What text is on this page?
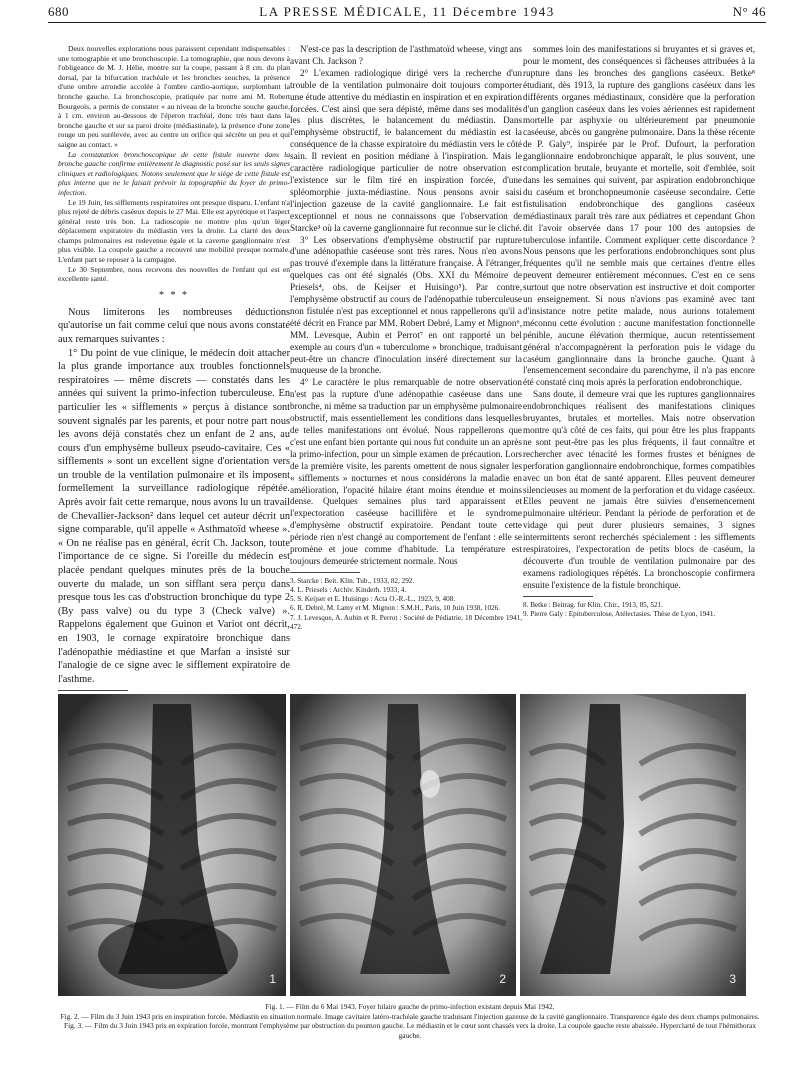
680	LA PRESSE MÉDICALE, 11 Décembre 1943	N° 46

Deux nouvelles explorations nous paraissent cependant indispensables : une tomographie et une bronchoscopie. La tomographie, que nous devons à l'obligeance de M. J. Hélie, montre sur la coupe, passant à 8 cm. du plan dorsal, par la bifurcation trachéale et les bronches souches, la présence d'une ombre arrondie accolée à l'ombre cardio-aortique, surplombant la bronche gauche. La bronchoscopie, pratiquée par notre ami M. Robert Bourgeois, a permis de constater « au niveau de la bronche souche gauche, à 1 cm. environ au-dessous de l'éperon trachéal, donc très haut dans la bronche gauche et sur sa paroi droite (médiastinale), la présence d'une zone rouge un peu surélevée, avec au centre un orifice qui sécrète un peu et qui saigne au contact. »

La constatation bronchoscopique de cette fistule ouverte dans la bronche gauche confirme entièrement le diagnostic posé sur les seuls signes cliniques et radiologiques. Notons seulement que le siège de cette fistule est plus interne que ne le faisait prévoir la topographie du foyer de primo-infection.

Le 19 Juin, les sifflements respiratoires ont presque disparu. L'enfant n'a plus rejeté de débris caséeux depuis le 27 Mai. Elle est apyrétique et l'aspect général reste très bon. La radioscopie ne montre plus qu'un léger déplacement expiratoire du médiastin vers la droite. La clarté des deux champs pulmonaires est redevenue égale et la caverne ganglionnaire n'est plus visible. La coupole gauche a recouvré une mobilité presque normale. L'enfant part se reposer à la campagne.

Le 30 Septembre, nous recevons des nouvelles de l'enfant qui est en excellente santé.

* * *

Nous limiterons les nombreuses déductions qu'autorise un fait comme celui que nous avons constaté aux remarques suivantes :

1° Du point de vue clinique, le médecin doit attacher la plus grande importance aux troubles fonctionnels respiratoires — même discrets — constatés dans les années qui suivent la primo-infection tuberculeuse. En particulier les « sifflements » perçus à distance sont souvent signalés par les parents, et pour notre part nous les avons déjà constatés chez un enfant de 2 ans, au cours d'un emphysème bulleux pseudo-cavitaire. Ces « sifflements » sont un excellent signe d'orientation vers un trouble de la ventilation pulmonaire et ils imposent formellement la surveillance radiologique répétée. Après avoir fait cette remarque, nous avons lu un travail de Chevallier-Jackson² dans lequel cet auteur décrit un signe comparable, qu'il appelle « Asthmatoïd wheese ». « On ne réalise pas en général, écrit Ch. Jackson, toute l'importance de ce signe. Si l'oreille du médecin est placée pendant quelques minutes près de la bouche ouverte du malade, un son sifflant sera perçu dans presque tous les cas d'obstruction bronchique du type 2 (By pass valve) ou du type 3 (Check valve) ». Rappelons également que Guinon et Variot ont décrit, en 1903, le cornage expiratoire bronchique dans l'adénopathie médiastine et que Marfan a insisté sur l'analogie de ce signe avec le sifflement expiratoire de l'asthme.

N'est-ce pas la description de l'asthmatoïd wheese, vingt ans avant Ch. Jackson ?

2° L'examen radiologique dirigé vers la recherche d'un trouble de la ventilation pulmonaire doit toujours comporter une étude attentive du médiastin en inspiration et en expiration forcées. C'est ainsi que sera dépisté, même dans ses modalités les plus discrètes, le balancement du médiastin. Dans l'emphysème obstructif, le balancement du médiastin est la conséquence de la chasse expiratoire du médiastin vers le côté sain. Il revient en position médiane à l'inspiration. Mais le caractère radiologique particulier de notre observation est l'existence sur le film tiré en inspiration forcée, d'une spléomorphie juxta-médiastine. Nous pensons avoir saisi l'injection gazeuse de la cavité ganglionnaire. Le fait est exceptionnel et nous ne connaissons que l'observation de Starcke³ où la caverne ganglionnaire fut reconnue sur le cliché.

3° Les observations d'emphysème obstructif par rupture d'une adénopathie caséeuse sont très rares. Nous n'en avons pas trouvé d'exemple dans la littérature française. À l'étranger, quelques cas ont été signalés (Obs. XXI du Mémoire de Priesels⁴, obs. de Keijser et Huisingo⁵). Par contre, l'emphysème obstructif au cours de l'adénopathie tuberculeuse non fistulée n'est pas exceptionnel et nous rappellerons qu'il a été décrit en France par MM. Robert Debré, Lamy et Mignon⁶, MM. Levesque, Aubin et Perrot⁷ en ont rapporté un bel exemple au cours d'un « tuberculome » bronchique, traduisant peut-être un chancre d'inoculation inséré directement sur la muqueuse de la bronche.

4° Le caractère le plus remarquable de notre observation n'est pas la rupture d'une adénopathie caséeuse dans une bronche, ni même sa traduction par un emphysème pulmonaire obstructif, mais essentiellement les conditions dans lesquelles de telles manifestations ont évolué. Nous rappellerons que c'est une enfant bien portante qui nous fut conduite un an après la primo-infection, pour un simple examen de précaution. Lors de la première visite, les parents omettent de nous signaler les « sifflements » nocturnes et nous considérons la maladie en amélioration, l'opacité hilaire étant moins étendue et moins dense. Quelques semaines plus tard apparaissent et l'expectoration caséeuse bacillifère et le syndrome d'emphysème obstructif expiratoire. Pendant toute cette période rien n'est changé au comportement de l'enfant : elle se promène et joue comme d'habitude. La température est toujours demeurée strictement normale. Nous

3. Starcke : Beit. Klin. Tub., 1933, 82, 292.

4. L. Priesels : Archiv. Kinderh. 1933, 4.

5. S. Keijser et E. Huisingo : Acta O.-R.-L., 1923, 9, 408.

6. R. Debré, M. Lamy et M. Mignon : S.M.H., Paris, 10 Juin 1938, 1026.

7. J. Levesque, A. Aubin et R. Perrot : Société de Pédiatrie, 18 Décembre 1941, 472.

sommes loin des manifestations si bruyantes et si graves et, pour le moment, des conséquences si fâcheuses attribuées à la rupture dans les bronches des ganglions caséeux. Betke⁸ étudiant, dès 1913, la rupture des ganglions caséeux dans les différents organes médiastinaux, considère que la perforation d'un ganglion caséeux dans les voies aériennes est rapidement mortelle par asphyxie ou ultérieurement par pneumonie caséeuse, abcès ou gangrène pulmonaire. Dans la thèse récente de P. Galy⁹, inspirée par le Prof. Dufourt, la perforation ganglionnaire endobronchique apparaît, le plus souvent, une complication brutale, bruyante et mortelle, soit d'emblée, soit dans les semaines qui suivent, par aspiration endobronchique du caséum et bronchopneumonie caséeuse secondaire. Cette fistulisation endobronchique des ganglions caséeux médiastinaux paraît très rare aux pédiatres et cependant Ghon dit l'avoir observée dans 17 pour 100 des autopsies de tuberculose infantile. Comment expliquer cette discordance ? Nous pensons que les perforations endobronchiques sont plus fréquentes qu'il ne semble mais que certaines d'entre elles peuvent demeurer entièrement méconnues. C'est en ce sens surtout que notre observation est instructive et doit comporter un enseignement. Si nous n'avions pas examiné avec tant d'insistance notre petite malade, nous aurions totalement méconnu cette évolution : aucune manifestation fonctionnelle pénible, aucune élévation thermique, aucun retentissement général n'accompagnèrent la perforation puis le vidage du caséum ganglionnaire dans la bronche gauche. Quant à l'ensemencement secondaire du parenchyme, il n'a pas encore été constaté cinq mois après la perforation endobronchique.

Sans doute, il demeure vrai que les ruptures ganglionnaires endobronchiques réalisent des manifestations cliniques bruyantes, brutales et mortelles. Mais notre observation montre qu'à côté de ces faits, qui pour être les plus frappants ne sont peut-être pas les plus fréquents, il faut connaître et rechercher avec ténacité les formes frustes et bénignes de perforation ganglionnaire endobronchique, formes compatibles avec un bon état de santé apparent. Elles peuvent demeurer silencieuses au moment de la perforation et du vidage caséeux. Elles peuvent ne jamais être suivies d'ensemencement pulmonaire ultérieur. Pendant la période de perforation et de vidage qui peut durer plusieurs semaines, 3 signes intermittents seront recherchés spécialement : les sifflements respiratoires, l'expectoration de petits blocs de caséum, la découverte d'un trouble de ventilation pulmonaire par des examens radiologiques répétés. La bronchoscopie confirmera ensuite l'existence de la fistule bronchique.

8. Betke : Beitrag. fur Klin. Chir., 1913, 85, 521.

9. Pierre Galy : Epituberculose, Atélectasies. Thèse de Lyon, 1941.

1	2	3
Fig. 1. — Film du 6 Mai 1943. Foyer hilaire gauche de primo-infection existant depuis Mai 1942.
Fig. 2. — Film du 3 Juin 1943 pris en inspiration forcée. Médiastin en situation normale. Image cavitaire latéro-trachéale gauche traduisant l'injection gazeuse de la cavité ganglionnaire. Transparence égale des deux champs pulmonaires.
Fig. 3. — Film du 3 Juin 1943 pris en expiration forcée, montrant l'emphysème par obstruction du poumon gauche. Le médiastin et le cœur sont chassés vers la droite. La coupole gauche reste abaissée. Hyperclarté de tout l'hémithorax gauche.
